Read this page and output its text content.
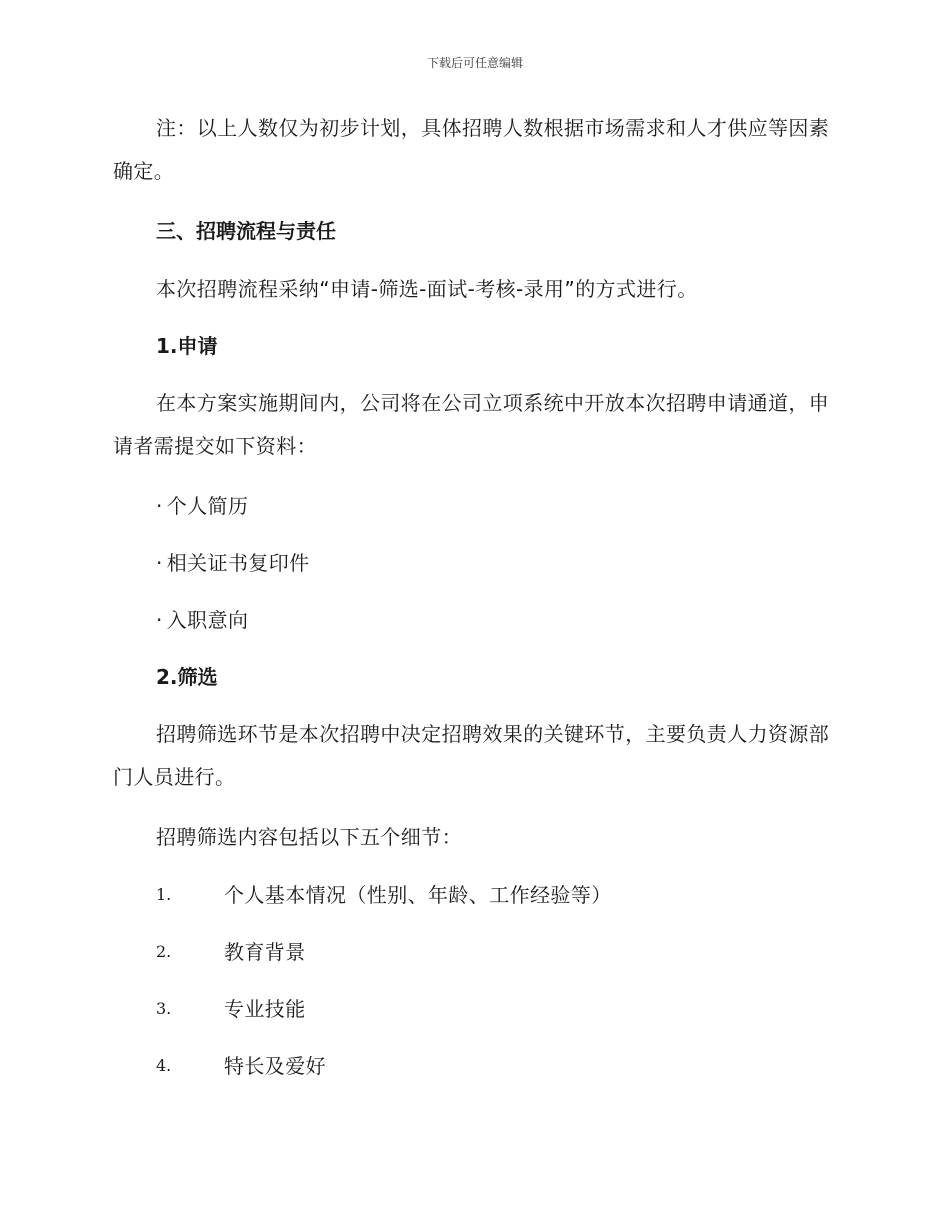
下载后可任意编辑
注：以上人数仅为初步计划，具体招聘人数根据市场需求和人才供应等因素确定。
三、招聘流程与责任
本次招聘流程采纳“申请-筛选-面试-考核-录用”的方式进行。
1.申请
在本方案实施期间内，公司将在公司立项系统中开放本次招聘申请通道，申请者需提交如下资料：
· 个人简历
· 相关证书复印件
· 入职意向
2.筛选
招聘筛选环节是本次招聘中决定招聘效果的关键环节，主要负责人力资源部门人员进行。
招聘筛选内容包括以下五个细节：
1.	个人基本情况（性别、年龄、工作经验等）
2.	教育背景
3.	专业技能
4.	特长及爱好
